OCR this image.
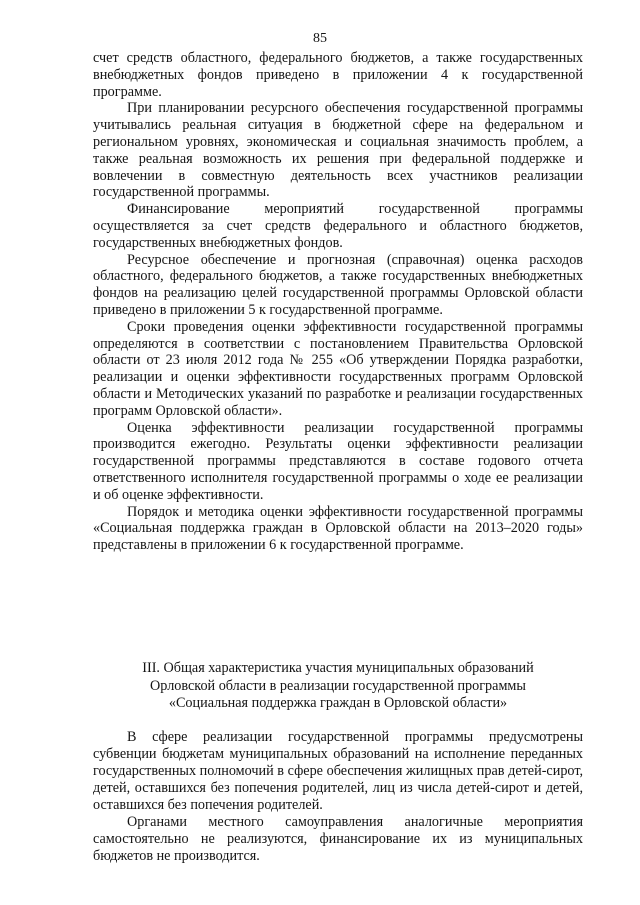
85

счет средств областного, федерального бюджетов, а также государственных внебюджетных фондов приведено в приложении 4 к государственной программе.

При планировании ресурсного обеспечения государственной программы учитывались реальная ситуация в бюджетной сфере на федеральном и региональном уровнях, экономическая и социальная значимость проблем, а также реальная возможность их решения при федеральной поддержке и вовлечении в совместную деятельность всех участников реализации государственной программы.

Финансирование мероприятий государственной программы осуществляется за счет средств федерального и областного бюджетов, государственных внебюджетных фондов.

Ресурсное обеспечение и прогнозная (справочная) оценка расходов областного, федерального бюджетов, а также государственных внебюджетных фондов на реализацию целей государственной программы Орловской области приведено в приложении 5 к государственной программе.

Сроки проведения оценки эффективности государственной программы определяются в соответствии с постановлением Правительства Орловской области от 23 июля 2012 года № 255 «Об утверждении Порядка разработки, реализации и оценки эффективности государственных программ Орловской области и Методических указаний по разработке и реализации государственных программ Орловской области».

Оценка эффективности реализации государственной программы производится ежегодно. Результаты оценки эффективности реализации государственной программы представляются в составе годового отчета ответственного исполнителя государственной программы о ходе ее реализации и об оценке эффективности.

Порядок и методика оценки эффективности государственной программы «Социальная поддержка граждан в Орловской области на 2013–2020 годы» представлены в приложении 6 к государственной программе.

III. Общая характеристика участия муниципальных образований
Орловской области в реализации государственной программы
«Социальная поддержка граждан в Орловской области»

В сфере реализации государственной программы предусмотрены субвенции бюджетам муниципальных образований на исполнение переданных государственных полномочий в сфере обеспечения жилищных прав детей-сирот, детей, оставшихся без попечения родителей, лиц из числа детей-сирот и детей, оставшихся без попечения родителей.

Органами местного самоуправления аналогичные мероприятия самостоятельно не реализуются, финансирование их из муниципальных бюджетов не производится.
